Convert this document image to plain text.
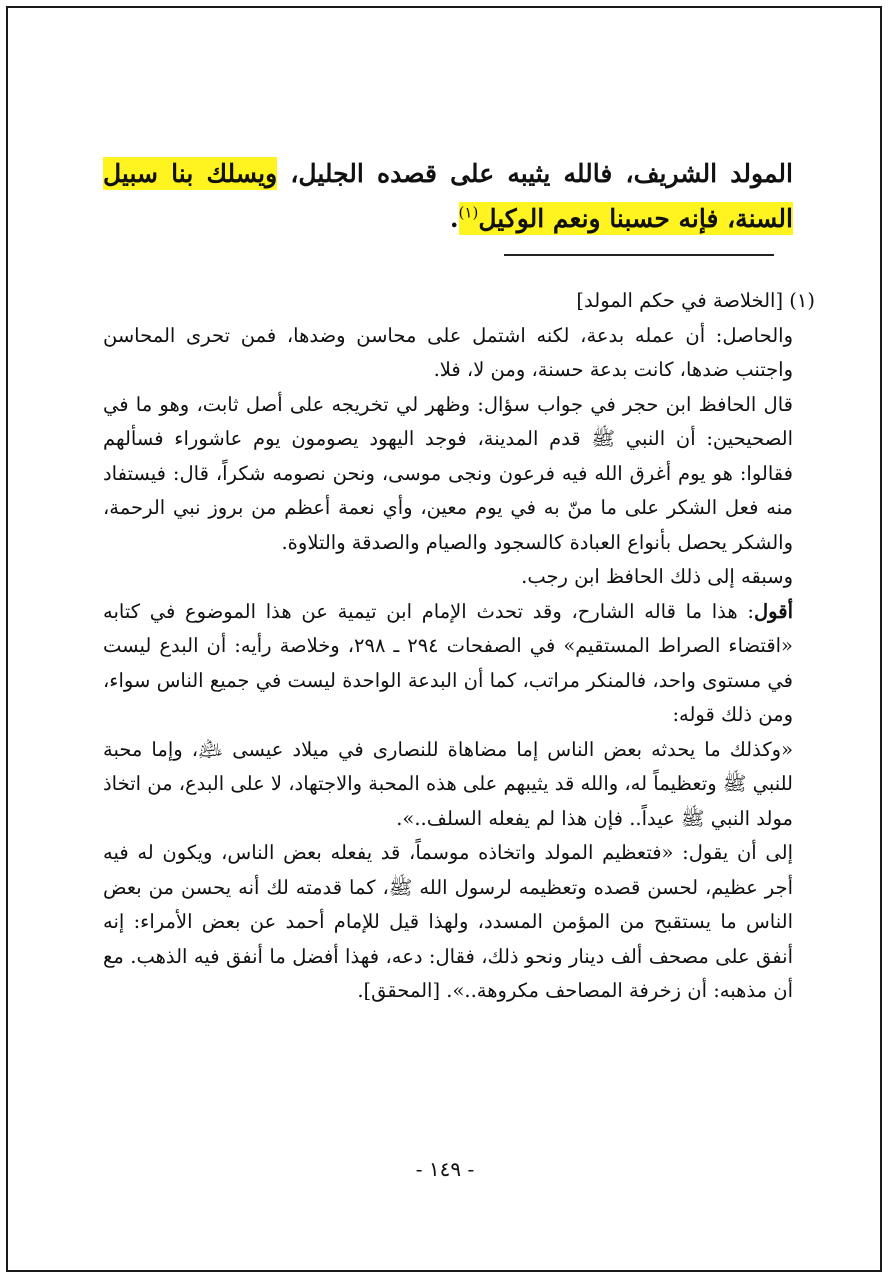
المولد الشريف، فالله يثيبه على قصده الجليل، ويسلك بنا سبيل السنة، فإنه حسبنا ونعم الوكيل$^{(١)}$.

(١) [الخلاصة في حكم المولد]

والحاصل: أن عمله بدعة، لكنه اشتمل على محاسن وضدها، فمن تحرى المحاسن واجتنب ضدها، كانت بدعة حسنة، ومن لا، فلا.

قال الحافظ ابن حجر في جواب سؤال: وظهر لي تخريجه على أصل ثابت، وهو ما في الصحيحين: أن النبي ﷺ قدم المدينة، فوجد اليهود يصومون يوم عاشوراء فسألهم فقالوا: هو يوم أغرق الله فيه فرعون ونجى موسى، ونحن نصومه شكراً، قال: فيستفاد منه فعل الشكر على ما منّ به في يوم معين، وأي نعمة أعظم من بروز نبي الرحمة، والشكر يحصل بأنواع العبادة كالسجود والصيام والصدقة والتلاوة.

وسبقه إلى ذلك الحافظ ابن رجب.

أقول: هذا ما قاله الشارح، وقد تحدث الإمام ابن تيمية عن هذا الموضوع في كتابه «اقتضاء الصراط المستقيم» في الصفحات ٢٩٤ ـ ٢٩٨، وخلاصة رأيه: أن البدع ليست في مستوى واحد، فالمنكر مراتب، كما أن البدعة الواحدة ليست في جميع الناس سواء، ومن ذلك قوله:

«وكذلك ما يحدثه بعض الناس إما مضاهاة للنصارى في ميلاد عيسى ﵇، وإما محبة للنبي ﷺ وتعظيماً له، والله قد يثيبهم على هذه المحبة والاجتهاد، لا على البدع، من اتخاذ مولد النبي ﷺ عيداً.. فإن هذا لم يفعله السلف..».

إلى أن يقول: «فتعظيم المولد واتخاذه موسماً، قد يفعله بعض الناس، ويكون له فيه أجر عظيم، لحسن قصده وتعظيمه لرسول الله ﷺ، كما قدمته لك أنه يحسن من بعض الناس ما يستقبح من المؤمن المسدد، ولهذا قيل للإمام أحمد عن بعض الأمراء: إنه أنفق على مصحف ألف دينار ونحو ذلك، فقال: دعه، فهذا أفضل ما أنفق فيه الذهب. مع أن مذهبه: أن زخرفة المصاحف مكروهة..». [المحقق].

- ١٤٩ -
